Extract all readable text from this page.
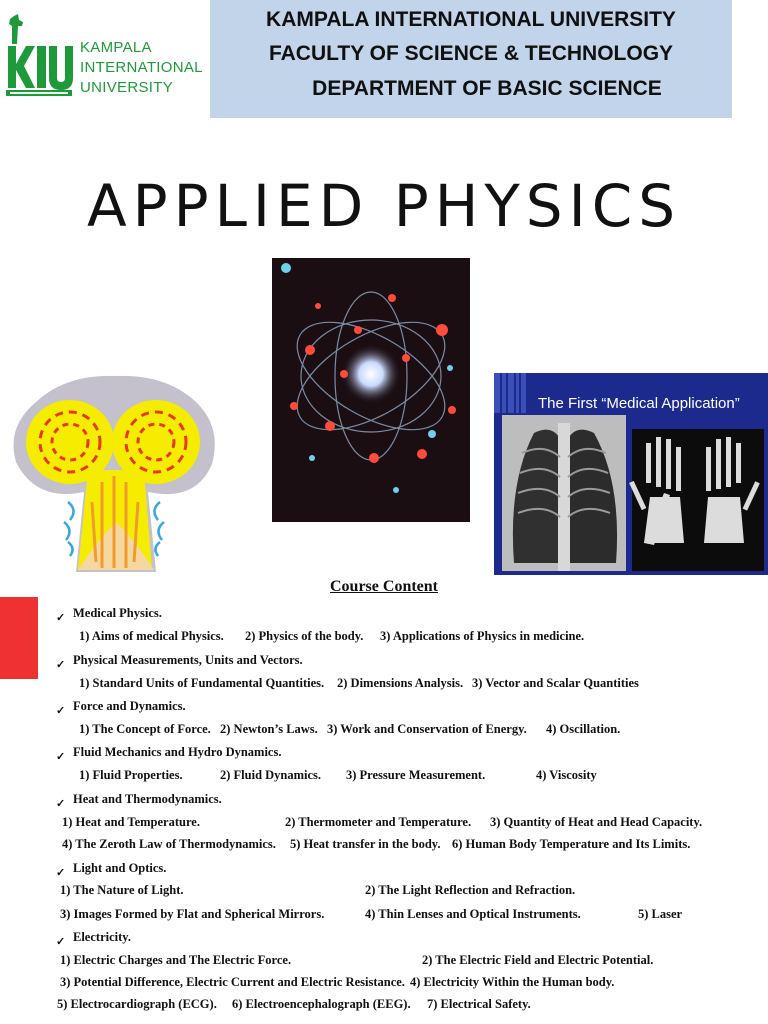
KAMPALA
INTERNATIONAL
UNIVERSITY
KAMPALA INTERNATIONAL UNIVERSITY
FACULTY OF SCIENCE & TECHNOLOGY
DEPARTMENT OF BASIC SCIENCE
APPLIED PHYSICS
The First “Medical Application”
Course Content
✓ Medical Physics.
1) Aims of medical Physics. 2) Physics of the body. 3) Applications of Physics in medicine.
✓ Physical Measurements, Units and Vectors.
1) Standard Units of Fundamental Quantities. 2) Dimensions Analysis. 3) Vector and Scalar Quantities
✓ Force and Dynamics.
1) The Concept of Force. 2) Newton’s Laws. 3) Work and Conservation of Energy. 4) Oscillation.
✓ Fluid Mechanics and Hydro Dynamics.
1) Fluid Properties.	2) Fluid Dynamics. 3) Pressure Measurement.	4) Viscosity
✓ Heat and Thermodynamics.
1) Heat and Temperature.	2) Thermometer and Temperature. 3) Quantity of Heat and Head Capacity.
4) The Zeroth Law of Thermodynamics. 5) Heat transfer in the body. 6) Human Body Temperature and Its Limits.
✓ Light and Optics.
1) The Nature of Light.	2) The Light Reflection and Refraction.
3) Images Formed by Flat and Spherical Mirrors.	4) Thin Lenses and Optical Instruments.	5) Laser
✓ Electricity.
1) Electric Charges and The Electric Force.	2) The Electric Field and Electric Potential.
3) Potential Difference, Electric Current and Electric Resistance. 4) Electricity Within the Human body.
5) Electrocardiograph (ECG). 6) Electroencephalograph (EEG). 7) Electrical Safety.
